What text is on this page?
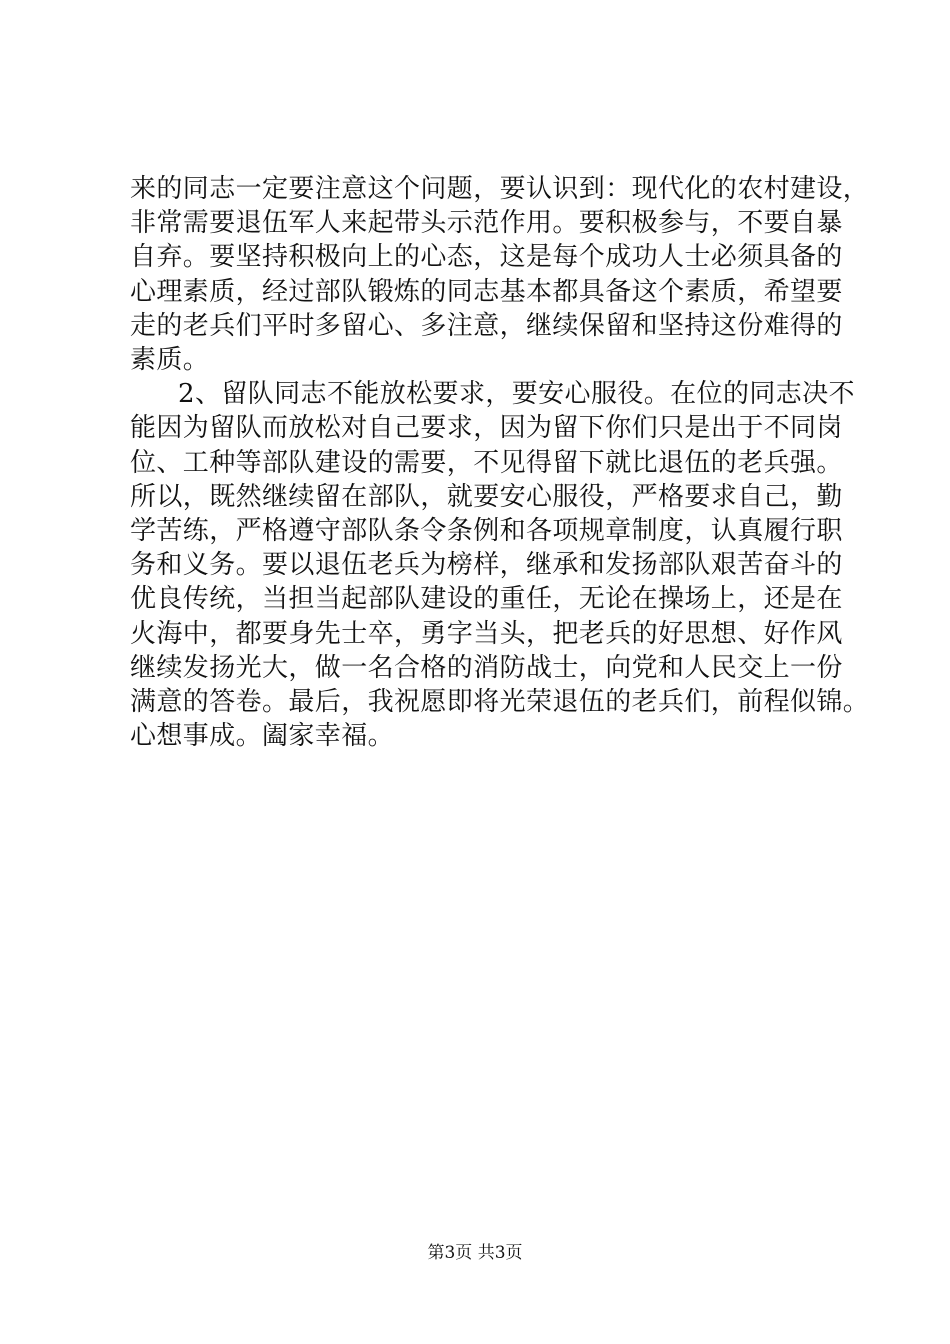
来的同志一定要注意这个问题，要认识到：现代化的农村建设，
非常需要退伍军人来起带头示范作用。要积极参与，不要自暴
自弃。要坚持积极向上的心态，这是每个成功人士必须具备的
心理素质，经过部队锻炼的同志基本都具备这个素质，希望要
走的老兵们平时多留心、多注意，继续保留和坚持这份难得的
素质。
2、留队同志不能放松要求，要安心服役。在位的同志决不
能因为留队而放松对自己要求，因为留下你们只是出于不同岗
位、工种等部队建设的需要，不见得留下就比退伍的老兵强。
所以，既然继续留在部队，就要安心服役，严格要求自己，勤
学苦练，严格遵守部队条令条例和各项规章制度，认真履行职
务和义务。要以退伍老兵为榜样，继承和发扬部队艰苦奋斗的
优良传统，当担当起部队建设的重任，无论在操场上，还是在
火海中，都要身先士卒，勇字当头，把老兵的好思想、好作风
继续发扬光大，做一名合格的消防战士，向党和人民交上一份
满意的答卷。最后，我祝愿即将光荣退伍的老兵们，前程似锦。
心想事成。阖家幸福。
第3页 共3页
